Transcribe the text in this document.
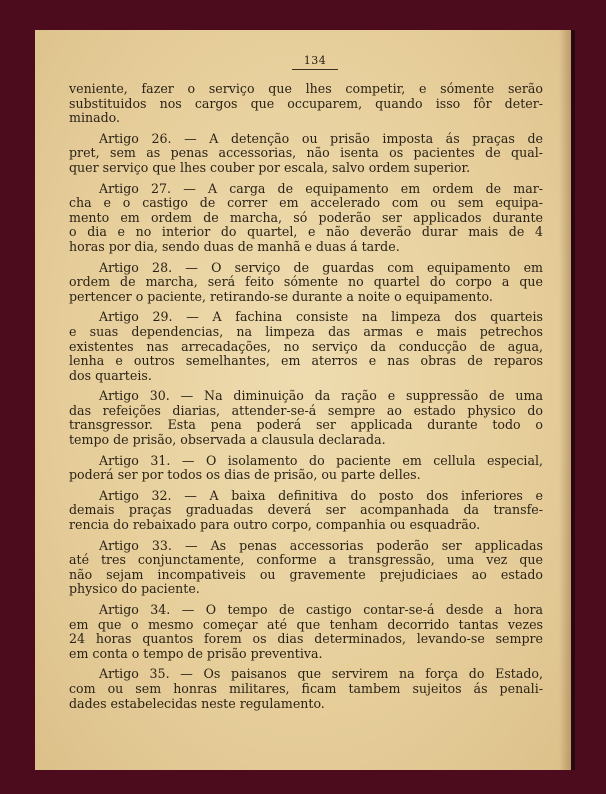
134
veniente, fazer o serviço que lhes competir, e sómente serão
substituidos nos cargos que occuparem, quando isso fôr deter-
minado.
Artigo 26. — A detenção ou prisão imposta ás praças de
pret, sem as penas accessorias, não isenta os pacientes de qual-
quer serviço que lhes couber por escala, salvo ordem superior.
Artigo 27. — A carga de equipamento em ordem de mar-
cha e o castigo de correr em accelerado com ou sem equipa-
mento em ordem de marcha, só poderão ser applicados durante
o dia e no interior do quartel, e não deverão durar mais de 4
horas por dia, sendo duas de manhã e duas á tarde.
Artigo 28. — O serviço de guardas com equipamento em
ordem de marcha, será feito sómente no quartel do corpo a que
pertencer o paciente, retirando-se durante a noite o equipamento.
Artigo 29. — A fachina consiste na limpeza dos quarteis
e suas dependencias, na limpeza das armas e mais petrechos
existentes nas arrecadações, no serviço da conducção de agua,
lenha e outros semelhantes, em aterros e nas obras de reparos
dos quarteis.
Artigo 30. — Na diminuição da ração e suppressão de uma
das refeições diarias, attender-se-á sempre ao estado physico do
transgressor. Esta pena poderá ser applicada durante todo o
tempo de prisão, observada a clausula declarada.
Artigo 31. — O isolamento do paciente em cellula especial,
poderá ser por todos os dias de prisão, ou parte delles.
Artigo 32. — A baixa definitiva do posto dos inferiores e
demais praças graduadas deverá ser acompanhada da transfe-
rencia do rebaixado para outro corpo, companhia ou esquadrão.
Artigo 33. — As penas accessorias poderão ser applicadas
até tres conjunctamente, conforme a transgressão, uma vez que
não sejam incompativeis ou gravemente prejudiciaes ao estado
physico do paciente.
Artigo 34. — O tempo de castigo contar-se-á desde a hora
em que o mesmo começar até que tenham decorrido tantas vezes
24 horas quantos forem os dias determinados, levando-se sempre
em conta o tempo de prisão preventiva.
Artigo 35. — Os paisanos que servirem na força do Estado,
com ou sem honras militares, ficam tambem sujeitos ás penali-
dades estabelecidas neste regulamento.
